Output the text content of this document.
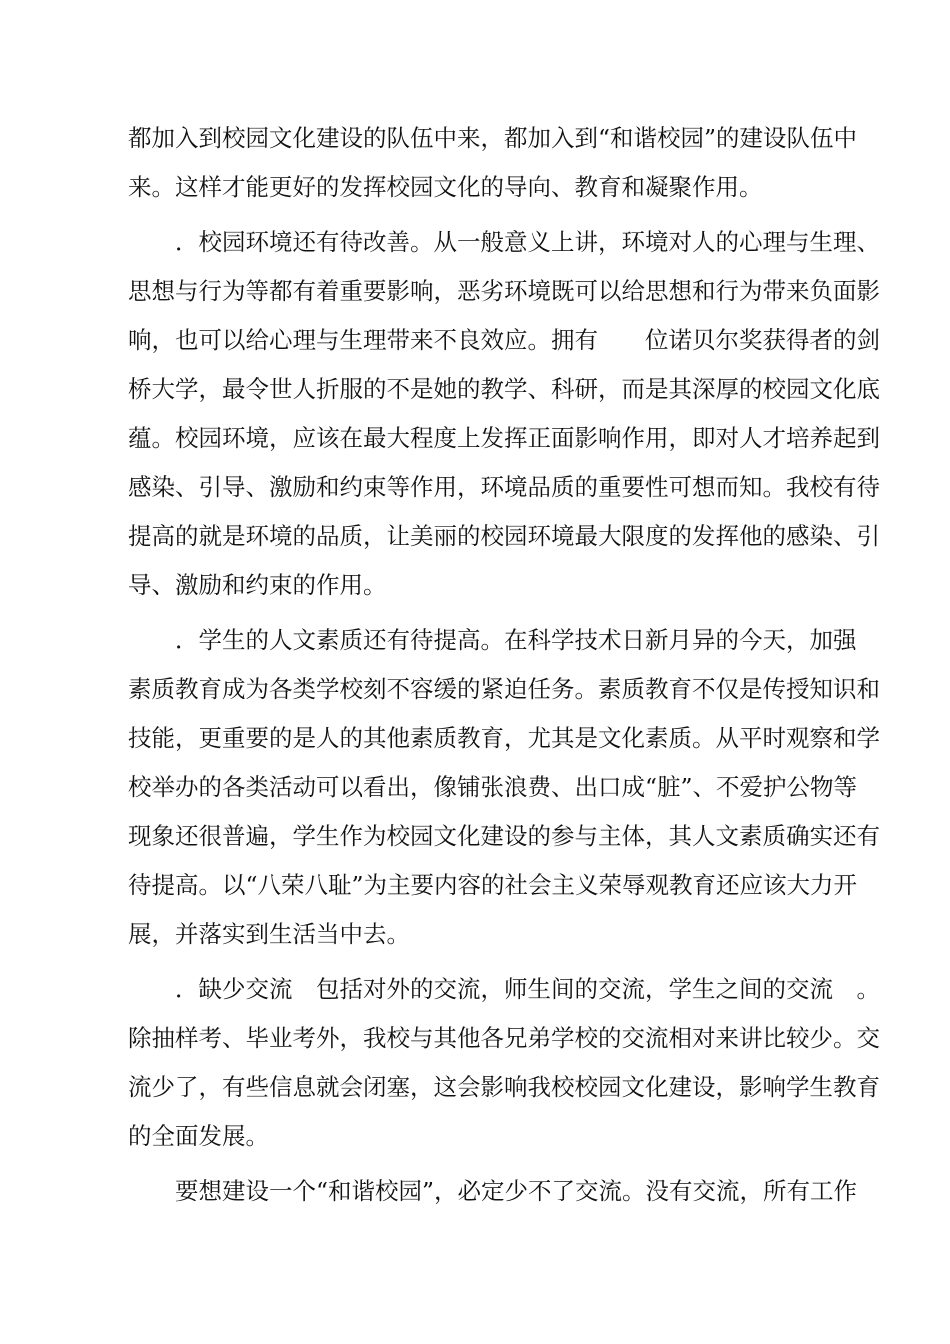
都加入到校园文化建设的队伍中来，都加入到“和谐校园”的建设队伍中
来。这样才能更好的发挥校园文化的导向、教育和凝聚作用。
．校园环境还有待改善。从一般意义上讲，环境对人的心理与生理、
思想与行为等都有着重要影响，恶劣环境既可以给思想和行为带来负面影
响，也可以给心理与生理带来不良效应。拥有　　位诺贝尔奖获得者的剑
桥大学，最令世人折服的不是她的教学、科研，而是其深厚的校园文化底
蕴。校园环境，应该在最大程度上发挥正面影响作用，即对人才培养起到
感染、引导、激励和约束等作用，环境品质的重要性可想而知。我校有待
提高的就是环境的品质，让美丽的校园环境最大限度的发挥他的感染、引
导、激励和约束的作用。
．学生的人文素质还有待提高。在科学技术日新月异的今天，加强
素质教育成为各类学校刻不容缓的紧迫任务。素质教育不仅是传授知识和
技能，更重要的是人的其他素质教育，尤其是文化素质。从平时观察和学
校举办的各类活动可以看出，像铺张浪费、出口成“脏”、不爱护公物等
现象还很普遍，学生作为校园文化建设的参与主体，其人文素质确实还有
待提高。以“八荣八耻”为主要内容的社会主义荣辱观教育还应该大力开
展，并落实到生活当中去。
．缺少交流　包括对外的交流，师生间的交流，学生之间的交流　。
除抽样考、毕业考外，我校与其他各兄弟学校的交流相对来讲比较少。交
流少了，有些信息就会闭塞，这会影响我校校园文化建设，影响学生教育
的全面发展。
要想建设一个“和谐校园”，必定少不了交流。没有交流，所有工作
